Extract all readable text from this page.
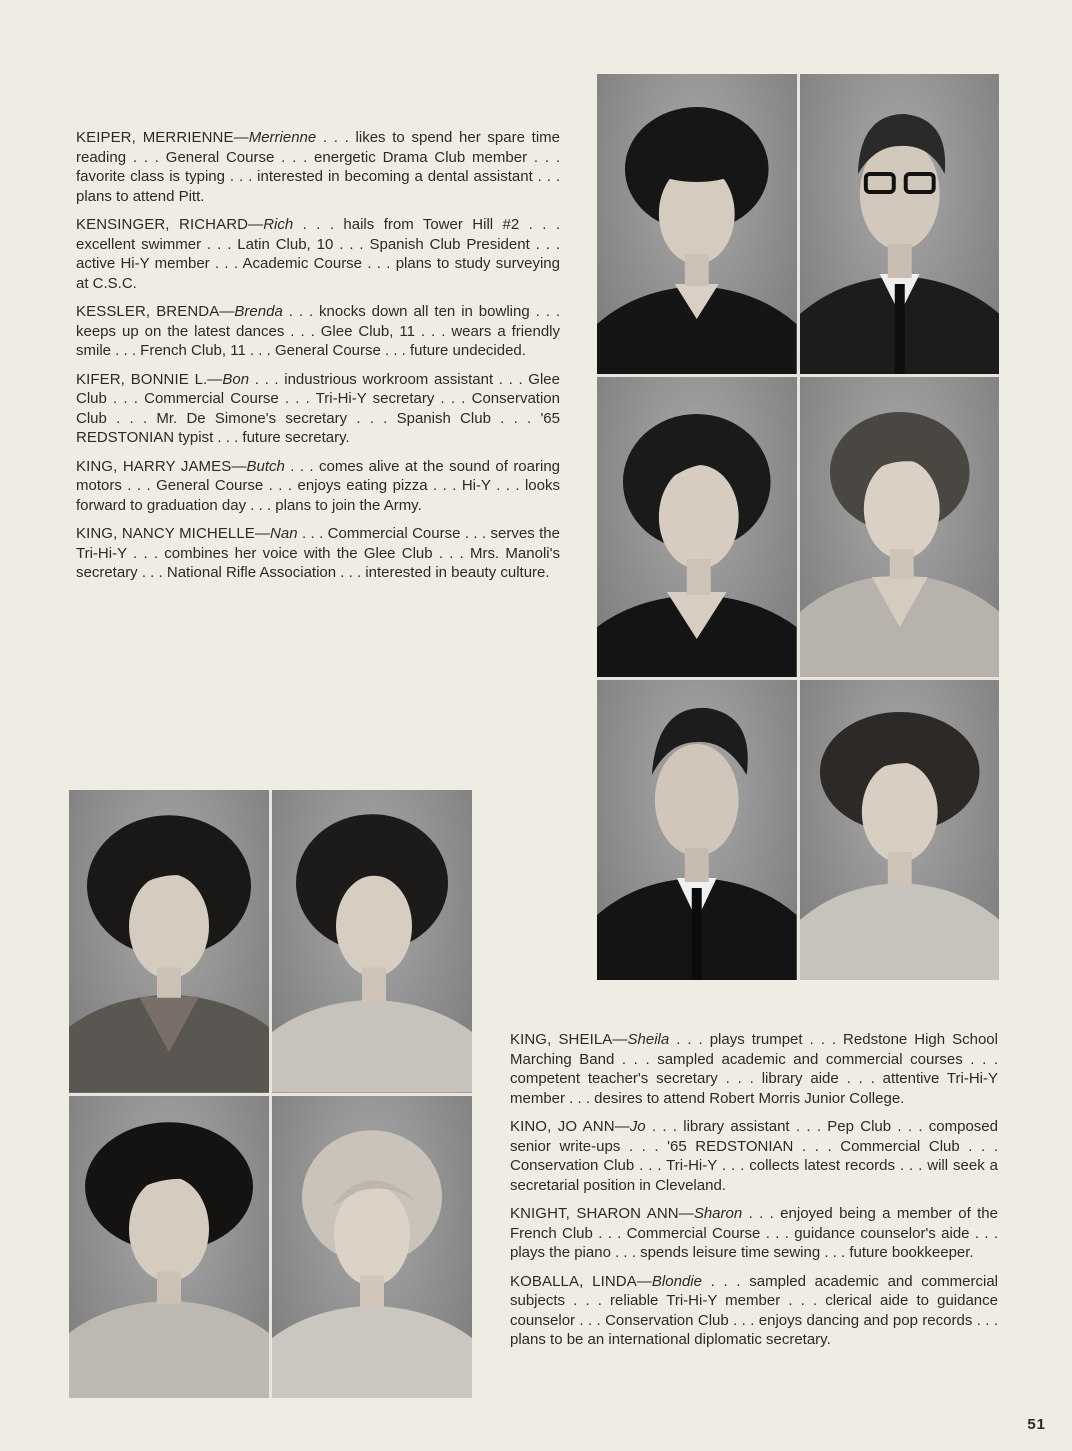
KEIPER, MERRIENNE—Merrienne . . . likes to spend her spare time reading . . . General Course . . . energetic Drama Club member . . . favorite class is typing . . . interested in becoming a dental assistant . . . plans to attend Pitt.

KENSINGER, RICHARD—Rich . . . hails from Tower Hill #2 . . . excellent swimmer . . . Latin Club, 10 . . . Spanish Club President . . . active Hi-Y member . . . Academic Course . . . plans to study surveying at C.S.C.

KESSLER, BRENDA—Brenda . . . knocks down all ten in bowling . . . keeps up on the latest dances . . . Glee Club, 11 . . . wears a friendly smile . . . French Club, 11 . . . General Course . . . future undecided.

KIFER, BONNIE L.—Bon . . . industrious workroom assistant . . . Glee Club . . . Commercial Course . . . Tri-Hi-Y secretary . . . Conservation Club . . . Mr. De Simone's secretary . . . Spanish Club . . . '65 REDSTONIAN typist . . . future secretary.

KING, HARRY JAMES—Butch . . . comes alive at the sound of roaring motors . . . General Course . . . enjoys eating pizza . . . Hi-Y . . . looks forward to graduation day . . . plans to join the Army.

KING, NANCY MICHELLE—Nan . . . Commercial Course . . . serves the Tri-Hi-Y . . . combines her voice with the Glee Club . . . Mrs. Manoli's secretary . . . National Rifle Association . . . interested in beauty culture.

KING, SHEILA—Sheila . . . plays trumpet . . . Redstone High School Marching Band . . . sampled academic and commercial courses . . . competent teacher's secretary . . . library aide . . . attentive Tri-Hi-Y member . . . desires to attend Robert Morris Junior College.

KINO, JO ANN—Jo . . . library assistant . . . Pep Club . . . composed senior write-ups . . . '65 REDSTONIAN . . . Commercial Club . . . Conservation Club . . . Tri-Hi-Y . . . collects latest records . . . will seek a secretarial position in Cleveland.

KNIGHT, SHARON ANN—Sharon . . . enjoyed being a member of the French Club . . . Commercial Course . . . guidance counselor's aide . . . plays the piano . . . spends leisure time sewing . . . future bookkeeper.

KOBALLA, LINDA—Blondie . . . sampled academic and commercial subjects . . . reliable Tri-Hi-Y member . . . clerical aide to guidance counselor . . . Conservation Club . . . enjoys dancing and pop records . . . plans to be an international diplomatic secretary.

51
